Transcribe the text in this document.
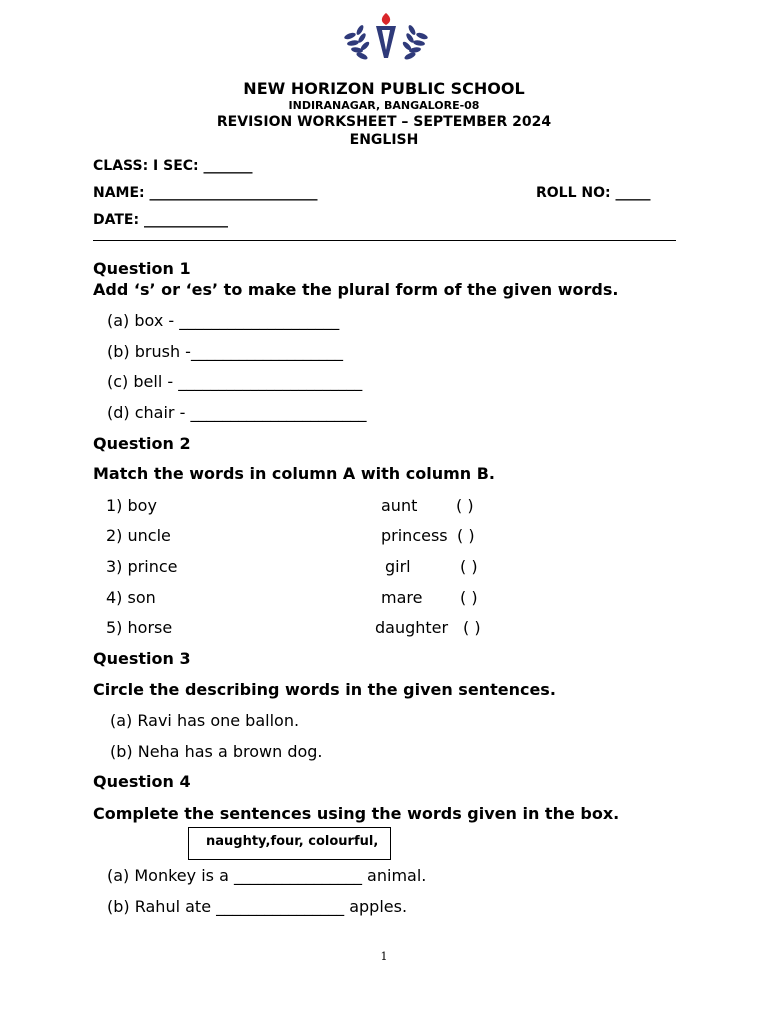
NEW HORIZON PUBLIC SCHOOL
INDIRANAGAR, BANGALORE-08
REVISION WORKSHEET – SEPTEMBER 2024
ENGLISH
CLASS: I SEC: _______
NAME: ________________________	ROLL NO: _____
DATE: ____________
Question 1
Add ‘s’ or ‘es’ to make the plural form of the given words.
(a) box - ____________________
(b) brush -___________________
(c) bell - _______________________
(d) chair - ______________________
Question 2
Match the words in column A with column B.
1) boy
2) uncle
3) prince
4) son
5) horse
aunt
princess
girl
mare
daughter
( )
( )
( )
( )
( )
Question 3
Circle the describing words in the given sentences.
(a) Ravi has one ballon.
(b) Neha has a brown dog.
Question 4
Complete the sentences using the words given in the box.
naughty,four, colourful,
(a) Monkey is a ________________ animal.
(b) Rahul ate ________________ apples.
1
